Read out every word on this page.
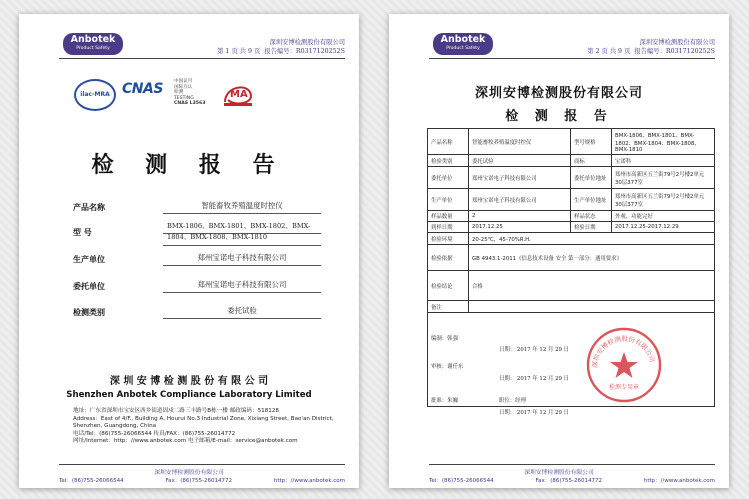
Anbotek
Product Safety
深圳安博检测股份有限公司
第 1 页 共 9 页 报告编号：R0317120252S
ilac-MRA CNAS 中国认可
国际互认
检测
TESTING
CNAS L3563
MA
检 测 报 告
产品名称	智能畜牧养殖温度时控仪
型 号
BMX-1806、BMX-1801、BMX-1802、BMX-1804、BMX-1808、BMX-1810
生产单位	郑州宝诺电子科技有限公司
委托单位	郑州宝诺电子科技有限公司
检测类别	委托试验
深 圳 安 博 检 测 股 份 有 限 公 司
Shenzhen Anbotek Compliance Laboratory Limited
地址：广东省深圳市宝安区西乡街道固戍二路三丰路号B栋一楼 邮政编码：518128
Address：East of 4/F., Building A, Hourui No.3 Industrial Zone, Xixiang Street, Bao'an District, Shenzhen, Guangdong, China
电话/Tel：(86)755-26066544 传真/FAX：(86)755-26014772
网址/Internet：http：//www.anbotek.com 电子邮箱/E-mail：service@anbotek.com
深圳安博检测股份有限公司
Tel：(86)755-26066544	Fax：(86)755-26014772	http：//www.anbotek.com
Anbotek
Product Safety
深圳安博检测股份有限公司
第 2 页 共 9 页 报告编号：R0317120252S
深圳安博检测股份有限公司
检 测 报 告
产品名称	智能畜牧养殖温度时控仪	型号规格	BMX-1806、BMX-1801、BMX-1802、BMX-1804、BMX-1808、BMX-1810
检验类别	委托试验	商标	宝诺科
委托单位	郑州宝诺电子科技有限公司	委托单位地址	郑州市高新区五兰街79号2号楼2单元30层377室
生产单位	郑州宝诺电子科技有限公司	生产单位地址	郑州市高新区五兰街79号2号楼2单元30层377室
样品数量	2	样品状态	外观、功能完好
到样日期	2017.12.25	检验日期	2017.12.25-2017.12.29
检验环境	20-25℃，45-70%R.H.		
检验依据	GB 4943.1-2011《信息技术设备 安全 第一部分：通用要求》		
检验结论	合格		
备注			

编制：韩强
日期： 2017 年 12 月 29 日
审核：谢任东
日期： 2017 年 12 月 29 日
批准：朱巍	职位：经理
日期： 2017 年 12 月 29 日
深圳安博检测股份有限公司
检测专用章
深圳安博检测股份有限公司
Tel：(86)755-26066544	Fax：(86)755-26014772	http：//www.anbotek.com
